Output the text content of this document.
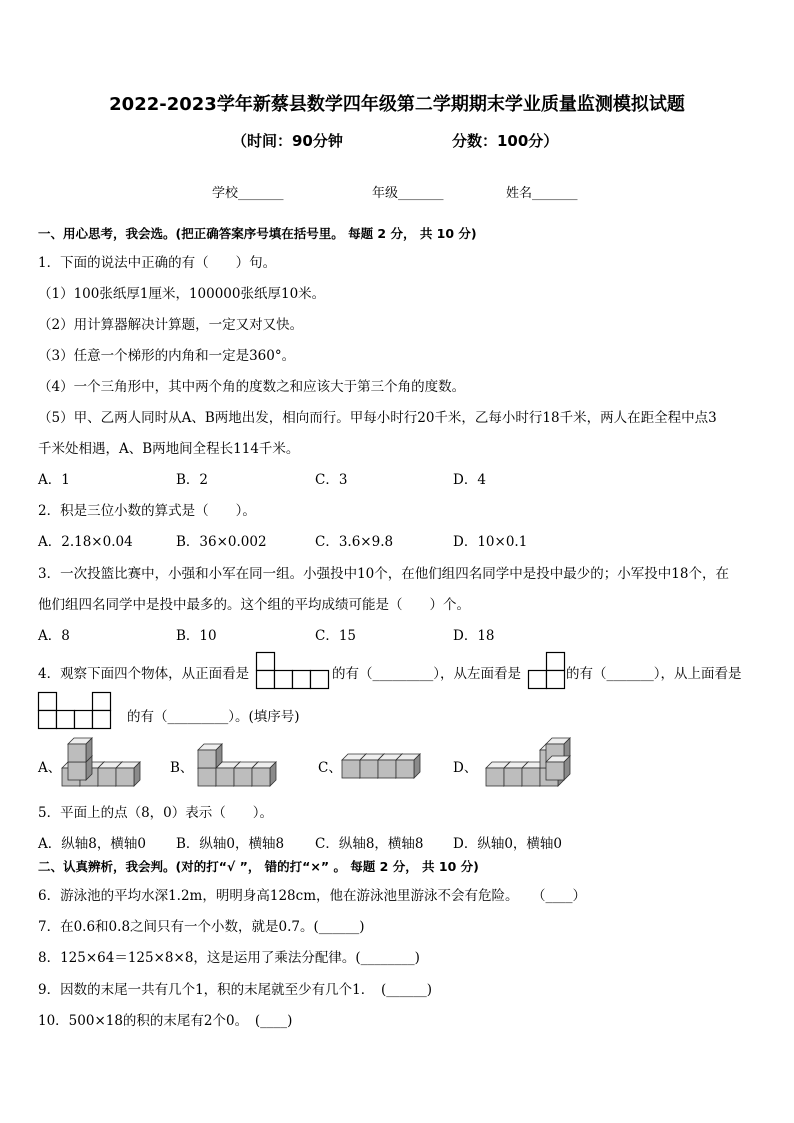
2022-2023学年新蔡县数学四年级第二学期期末学业质量监测模拟试题
（时间：90分钟	分数：100分）
学校_______	年级_______	姓名_______
一、用心思考，我会选。(把正确答案序号填在括号里。 每题 2 分， 共 10 分)
1．下面的说法中正确的有（　　）句。
（1）100张纸厚1厘米，100000张纸厚10米。
（2）用计算器解决计算题，一定又对又快。
（3）任意一个梯形的内角和一定是360°。
（4）一个三角形中，其中两个角的度数之和应该大于第三个角的度数。
（5）甲、乙两人同时从A、B两地出发，相向而行。甲每小时行20千米，乙每小时行18千米，两人在距全程中点3
千米处相遇，A、B两地间全程长114千米。
A．1	B．2	C．3	D．4
2．积是三位小数的算式是（　　）。
A．2.18×0.04	B．36×0.002	C．3.6×9.8	D．10×0.1
3．一次投篮比赛中，小强和小军在同一组。小强投中10个，在他们组四名同学中是投中最少的；小军投中18个，在
他们组四名同学中是投中最多的。这个组的平均成绩可能是（　　）个。
A．8	B．10	C．15	D．18
4．观察下面四个物体，从正面看是	的有（_________），从左面看是	的有（_______），从上面看是
的有（_________）。(填序号)
A、	B、	C、	D、
5．平面上的点（8，0）表示（　　）。
A．纵轴8，横轴0 B．纵轴0，横轴8 C．纵轴8，横轴8 D．纵轴0，横轴0
二、认真辨析，我会判。(对的打“√ ”， 错的打“×” 。 每题 2 分， 共 10 分)
6．游泳池的平均水深1.2m，明明身高128cm，他在游泳池里游泳不会有危险。　　（____）
7．在0.6和0.8之间只有一个小数，就是0.7。(______)
8．125×64＝125×8×8，这是运用了乘法分配律。(________)
9．因数的末尾一共有几个1，积的末尾就至少有几个1．　(______)
10．500×18的积的末尾有2个0。　(____)
